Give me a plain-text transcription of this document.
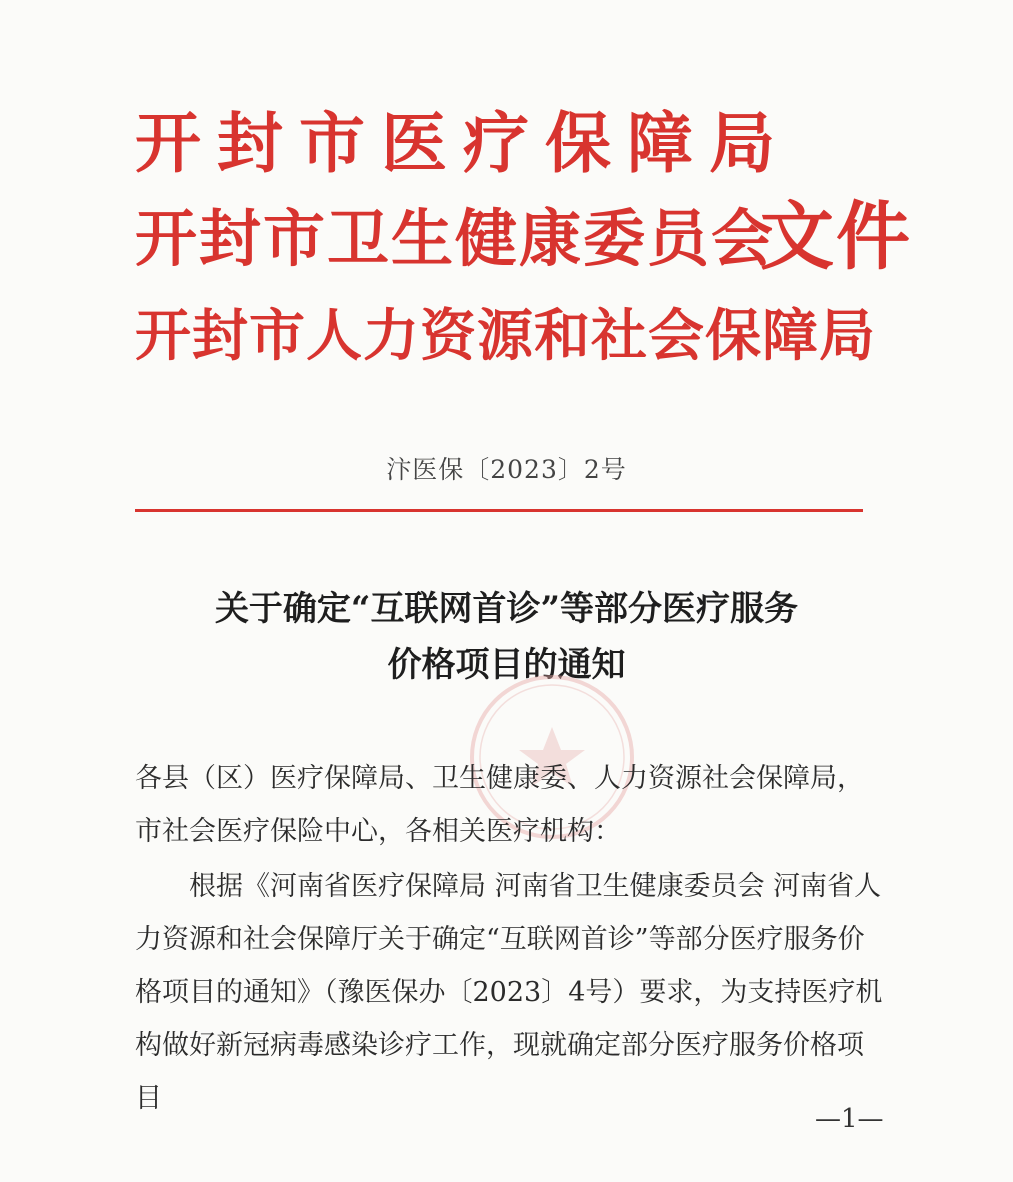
开封市医疗保障局
开封市卫生健康委员会
开封市人力资源和社会保障局
文件
汴医保〔2023〕2号
关于确定“互联网首诊”等部分医疗服务
价格项目的通知
各县（区）医疗保障局、卫生健康委、人力资源社会保障局，市社会医疗保险中心，各相关医疗机构：
根据《河南省医疗保障局 河南省卫生健康委员会 河南省人力资源和社会保障厅关于确定“互联网首诊”等部分医疗服务价格项目的通知》（豫医保办〔2023〕4号）要求，为支持医疗机构做好新冠病毒感染诊疗工作，现就确定部分医疗服务价格项目
—1—
